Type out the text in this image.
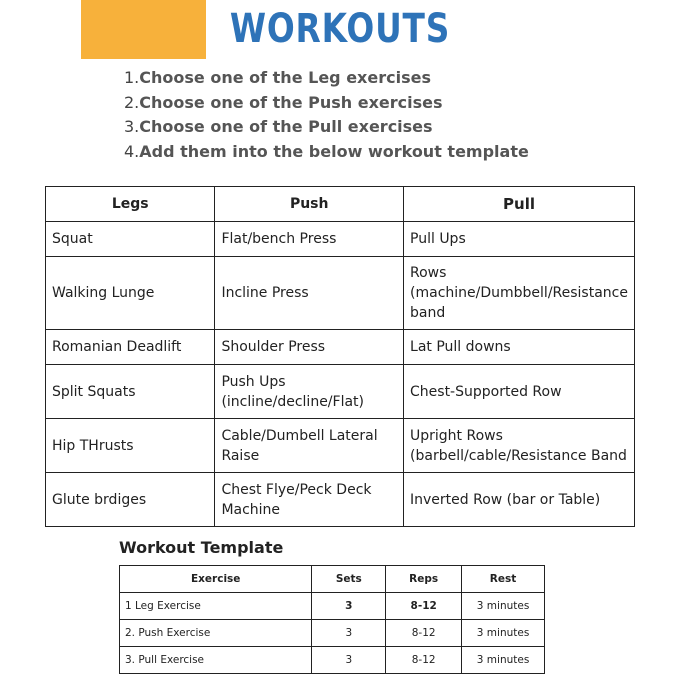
WORKOUTS
1.Choose one of the Leg exercises
2.Choose one of the Push exercises
3.Choose one of the Pull exercises
4.Add them into the below workout template
Legs	Push	Pull
Squat	Flat/bench Press	Pull Ups
Walking Lunge	Incline Press	Rows (machine/Dumbbell/Resistance band
Romanian Deadlift	Shoulder Press	Lat Pull downs
Split Squats	Push Ups (incline/decline/Flat)	Chest-Supported Row
Hip THrusts	Cable/Dumbell Lateral Raise	Upright Rows (barbell/cable/Resistance Band
Glute brdiges	Chest Flye/Peck Deck Machine	Inverted Row (bar or Table)
Workout Template
Exercise	Sets	Reps	Rest
1 Leg Exercise	3	8-12	3 minutes
2. Push Exercise	3	8-12	3 minutes
3. Pull Exercise	3	8-12	3 minutes
